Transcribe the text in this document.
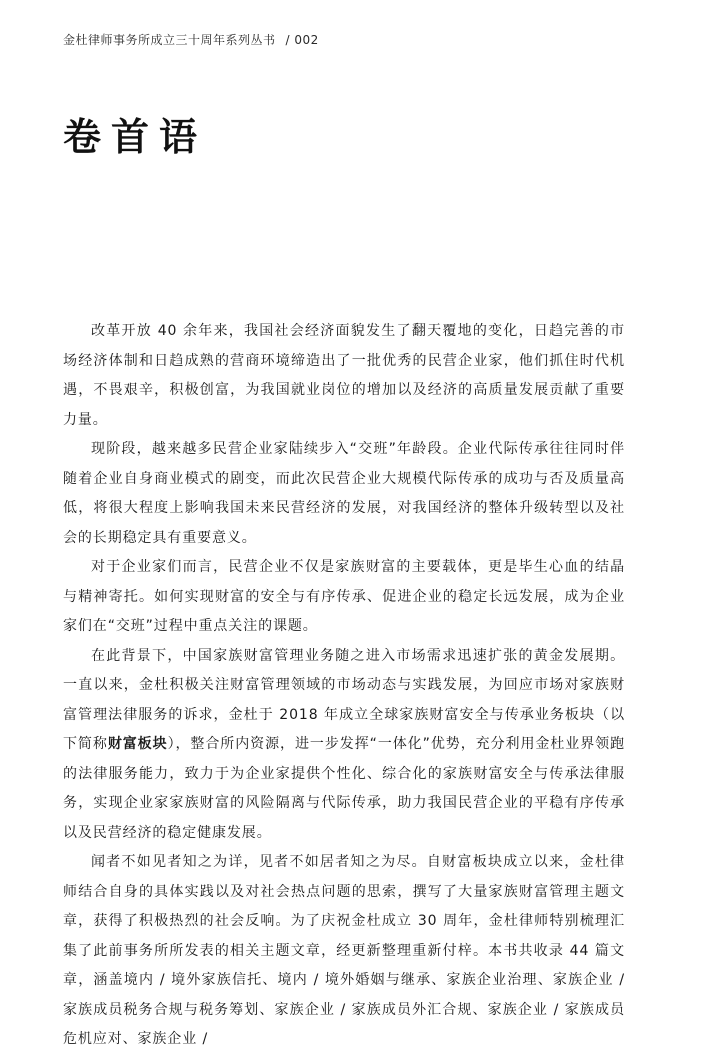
金杜律师事务所成立三十周年系列丛书 / 002
卷首语

改革开放 40 余年来，我国社会经济面貌发生了翻天覆地的变化，日趋完善的市场经济体制和日趋成熟的营商环境缔造出了一批优秀的民营企业家，他们抓住时代机遇，不畏艰辛，积极创富，为我国就业岗位的增加以及经济的高质量发展贡献了重要力量。

现阶段，越来越多民营企业家陆续步入“交班”年龄段。企业代际传承往往同时伴随着企业自身商业模式的剧变，而此次民营企业大规模代际传承的成功与否及质量高低，将很大程度上影响我国未来民营经济的发展，对我国经济的整体升级转型以及社会的长期稳定具有重要意义。

对于企业家们而言，民营企业不仅是家族财富的主要载体，更是毕生心血的结晶与精神寄托。如何实现财富的安全与有序传承、促进企业的稳定长远发展，成为企业家们在“交班”过程中重点关注的课题。

在此背景下，中国家族财富管理业务随之进入市场需求迅速扩张的黄金发展期。一直以来，金杜积极关注财富管理领域的市场动态与实践发展，为回应市场对家族财富管理法律服务的诉求，金杜于 2018 年成立全球家族财富安全与传承业务板块（以下简称财富板块），整合所内资源，进一步发挥“一体化”优势，充分利用金杜业界领跑的法律服务能力，致力于为企业家提供个性化、综合化的家族财富安全与传承法律服务，实现企业家家族财富的风险隔离与代际传承，助力我国民营企业的平稳有序传承以及民营经济的稳定健康发展。

闻者不如见者知之为详，见者不如居者知之为尽。自财富板块成立以来，金杜律师结合自身的具体实践以及对社会热点问题的思索，撰写了大量家族财富管理主题文章，获得了积极热烈的社会反响。为了庆祝金杜成立 30 周年，金杜律师特别梳理汇集了此前事务所所发表的相关主题文章，经更新整理重新付梓。本书共收录 44 篇文章，涵盖境内 / 境外家族信托、境内 / 境外婚姻与继承、家族企业治理、家族企业 / 家族成员税务合规与税务筹划、家族企业 / 家族成员外汇合规、家族企业 / 家族成员危机应对、家族企业 /
